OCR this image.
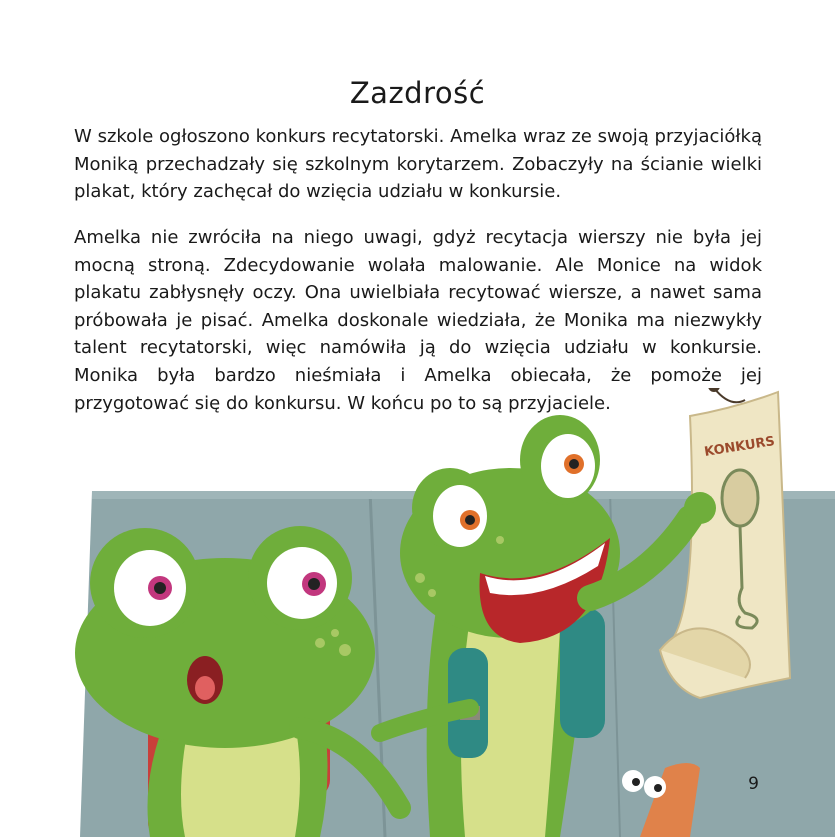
KONKURS
Zazdrość

W szkole ogłoszono konkurs recytatorski. Amelka wraz ze swoją przyjaciółką Moniką przechadzały się szkolnym korytarzem. Zobaczyły na ścianie wielki plakat, który zachęcał do wzięcia udziału w konkursie.

Amelka nie zwróciła na niego uwagi, gdyż recytacja wierszy nie była jej mocną stroną. Zdecydowanie wolała malowanie. Ale Monice na widok plakatu zabłysnęły oczy. Ona uwielbiała recytować wiersze, a nawet sama próbowała je pisać. Amelka doskonale wiedziała, że Monika ma niezwykły talent recytatorski, więc namówiła ją do wzięcia udziału w konkursie. Monika była bardzo nieśmiała i Amelka obiecała, że pomoże jej przygotować się do konkursu. W końcu po to są przyjaciele.

9
